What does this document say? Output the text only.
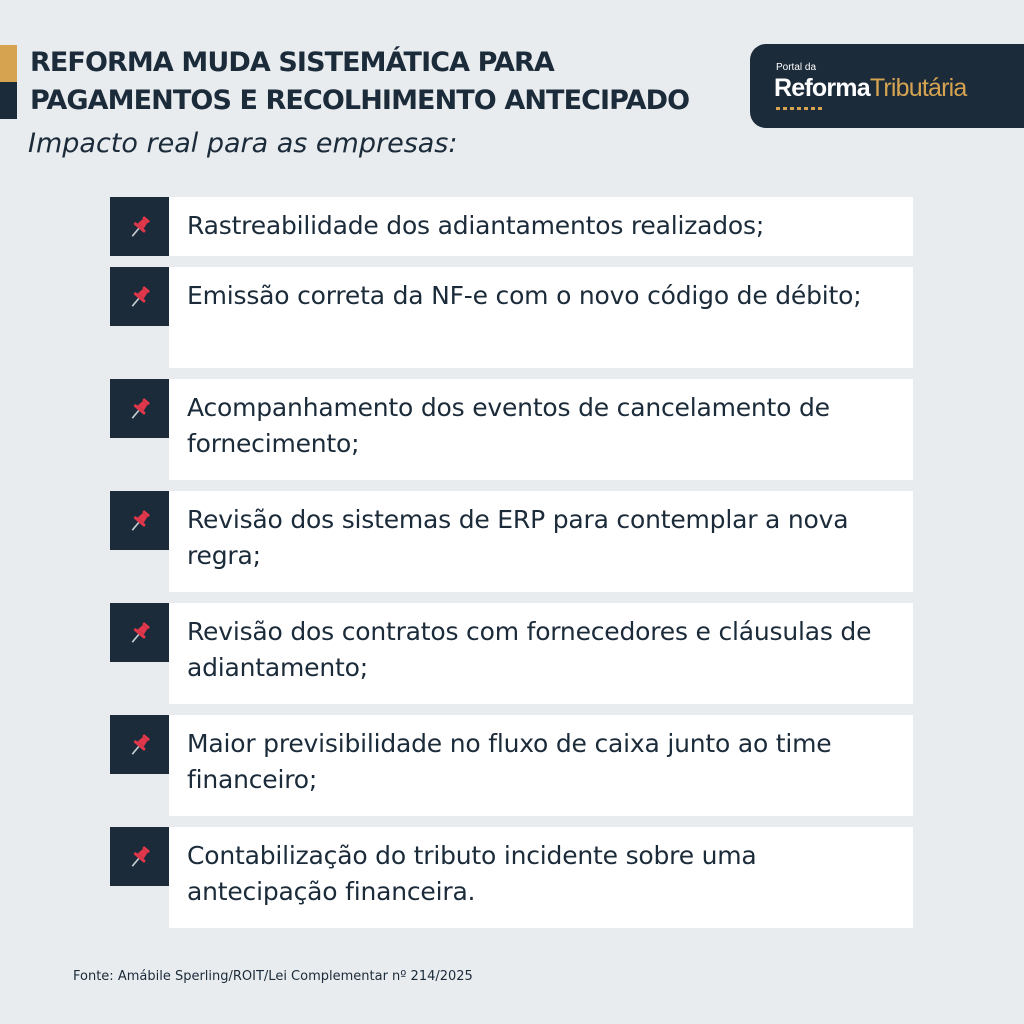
REFORMA MUDA SISTEMÁTICA PARA
PAGAMENTOS E RECOLHIMENTO ANTECIPADO
Portal da
ReformaTributária
Impacto real para as empresas:
Rastreabilidade dos adiantamentos realizados;
Emissão correta da NF-e com o novo código de débito;
Acompanhamento dos eventos de cancelamento de fornecimento;
Revisão dos sistemas de ERP para contemplar a nova regra;
Revisão dos contratos com fornecedores e cláusulas de adiantamento;
Maior previsibilidade no fluxo de caixa junto ao time financeiro;
Contabilização do tributo incidente sobre uma antecipação financeira.
Fonte: Amábile Sperling/ROIT/Lei Complementar nº 214/2025
